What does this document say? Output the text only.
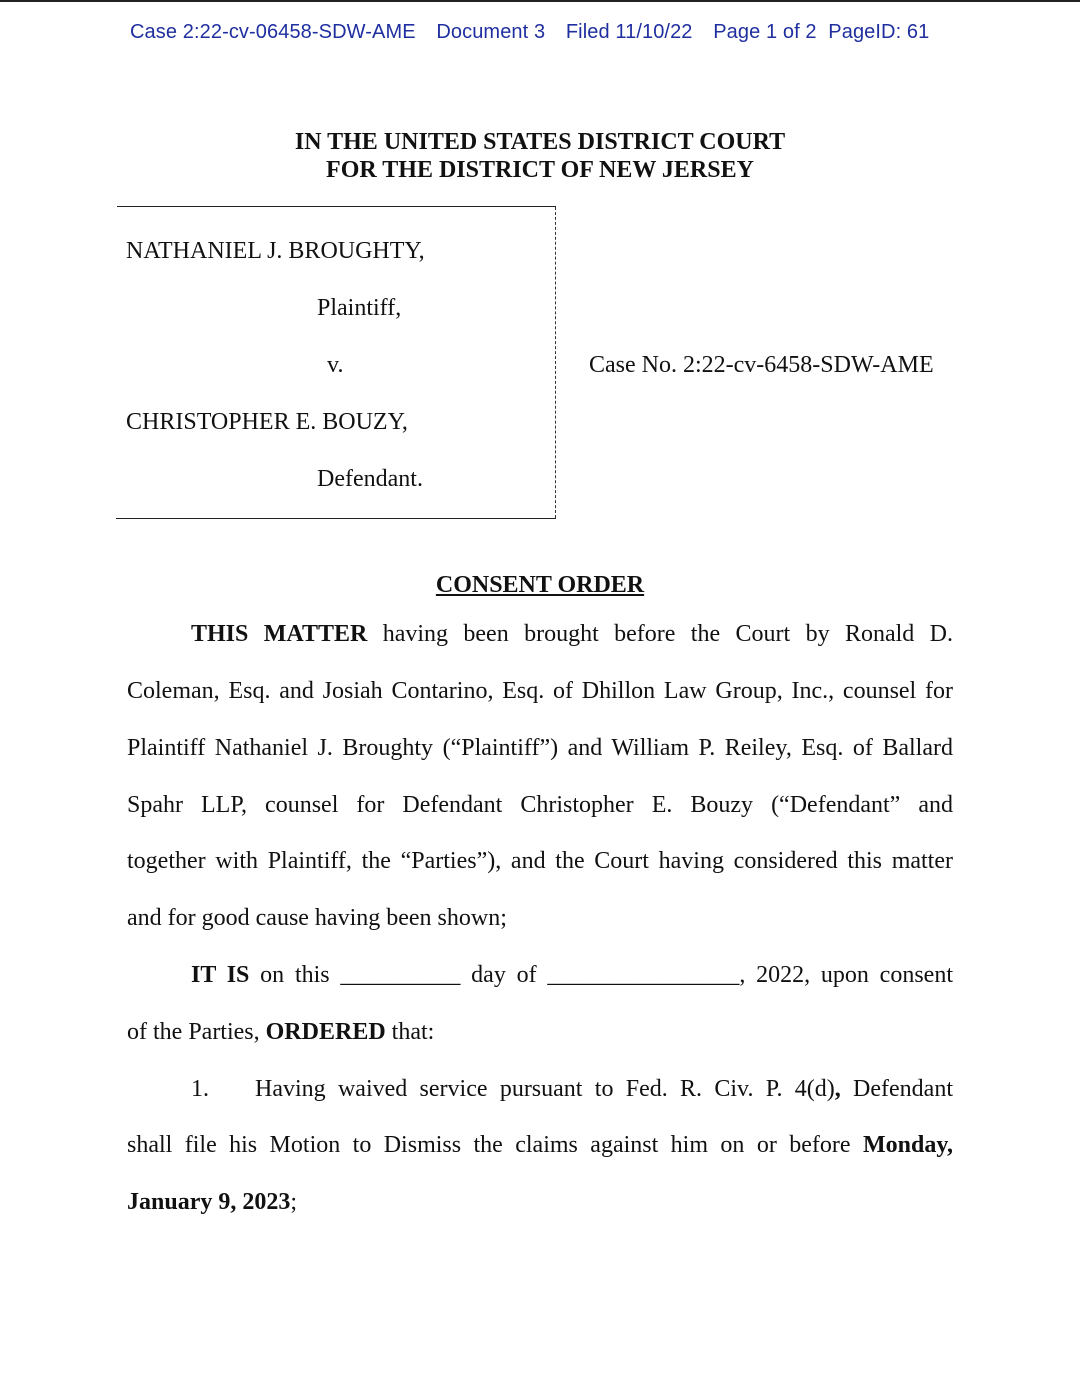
Case 2:22-cv-06458-SDW-AME Document 3 Filed 11/10/22 Page 1 of 2 PageID: 61
IN THE UNITED STATES DISTRICT COURT
FOR THE DISTRICT OF NEW JERSEY
NATHANIEL J. BROUGHTY,
Plaintiff,
v.
CHRISTOPHER E. BOUZY,
Defendant.
Case No. 2:22-cv-6458-SDW-AME
CONSENT ORDER
THIS MATTER having been brought before the Court by Ronald D.
Coleman, Esq. and Josiah Contarino, Esq. of Dhillon Law Group, Inc., counsel for
Plaintiff Nathaniel J. Broughty (“Plaintiff”) and William P. Reiley, Esq. of Ballard
Spahr LLP, counsel for Defendant Christopher E. Bouzy (“Defendant” and
together with Plaintiff, the “Parties”), and the Court having considered this matter
and for good cause having been shown;
IT IS on this __________ day of ________________, 2022, upon consent
of the Parties, ORDERED that:
1. Having waived service pursuant to Fed. R. Civ. P. 4(d), Defendant
shall file his Motion to Dismiss the claims against him on or before Monday,
January 9, 2023;
